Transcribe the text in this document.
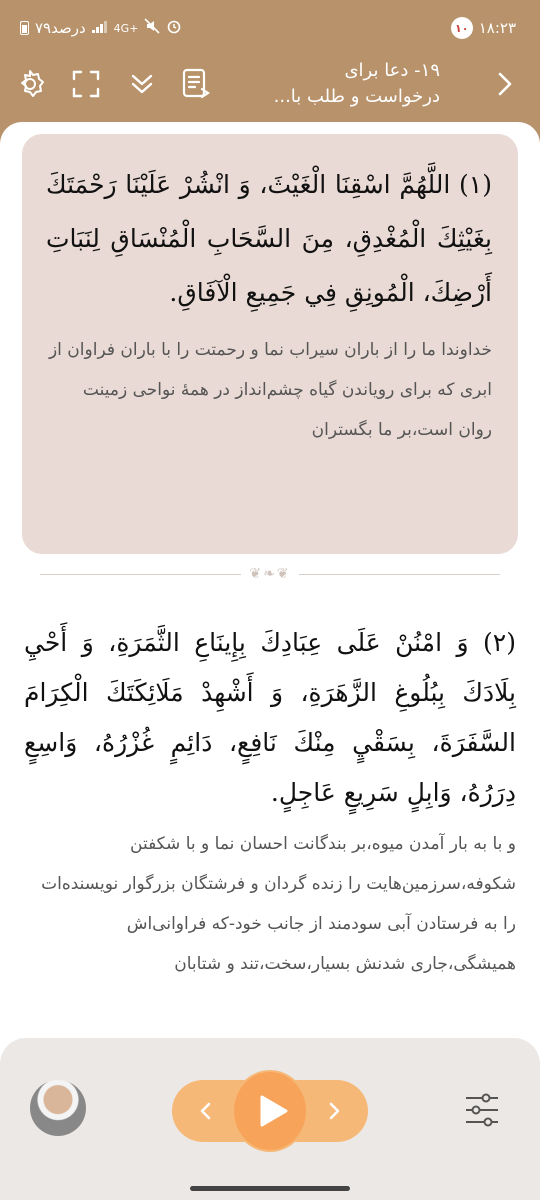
۷۹درصد	4G+	۱۰ ۱۸:۲۳
۱۹- دعا برای
درخواست و طلب با...
(١) اللَّهُمَّ اسْقِنَا الْغَيْثَ، وَ انْشُرْ عَلَيْنَا رَحْمَتَكَ بِغَيْثِكَ الْمُغْدِقِ، مِنَ السَّحَابِ الْمُنْسَاقِ لِنَبَاتِ أَرْضِكَ، الْمُونِقِ فِي جَمِيعِ الْآفَاقِ.
خداوندا ما را از باران سیراب نما و رحمتت را با باران فراوان از ابری که برای رویاندن گیاه چشم‌انداز در همۀ نواحی زمینت روان است،بر ما بگستران
❦❧❦
(٢) وَ امْنُنْ عَلَى عِبَادِكَ بِإِينَاعِ الثَّمَرَةِ، وَ أَحْيِ بِلَادَكَ بِبُلُوغِ الزَّهَرَةِ، وَ أَشْهِدْ مَلَائِكَتَكَ الْكِرَامَ السَّفَرَةَ، بِسَقْيٍ مِنْكَ نَافِعٍ، دَائِمٍ غُزْرُهُ، وَاسِعٍ دِرَرُهُ، وَابِلٍ سَرِيعٍ عَاجِلٍ.
و با به بار آمدن میوه،بر بندگانت احسان نما و با شکفتن شکوفه،سرزمین‌هایت را زنده گردان و فرشتگان بزرگوار نویسنده‌ات را به فرستادن آبی سودمند از جانب خود-که فراوانی‌اش همیشگی،جاری شدنش بسیار،سخت،تند و شتابان
